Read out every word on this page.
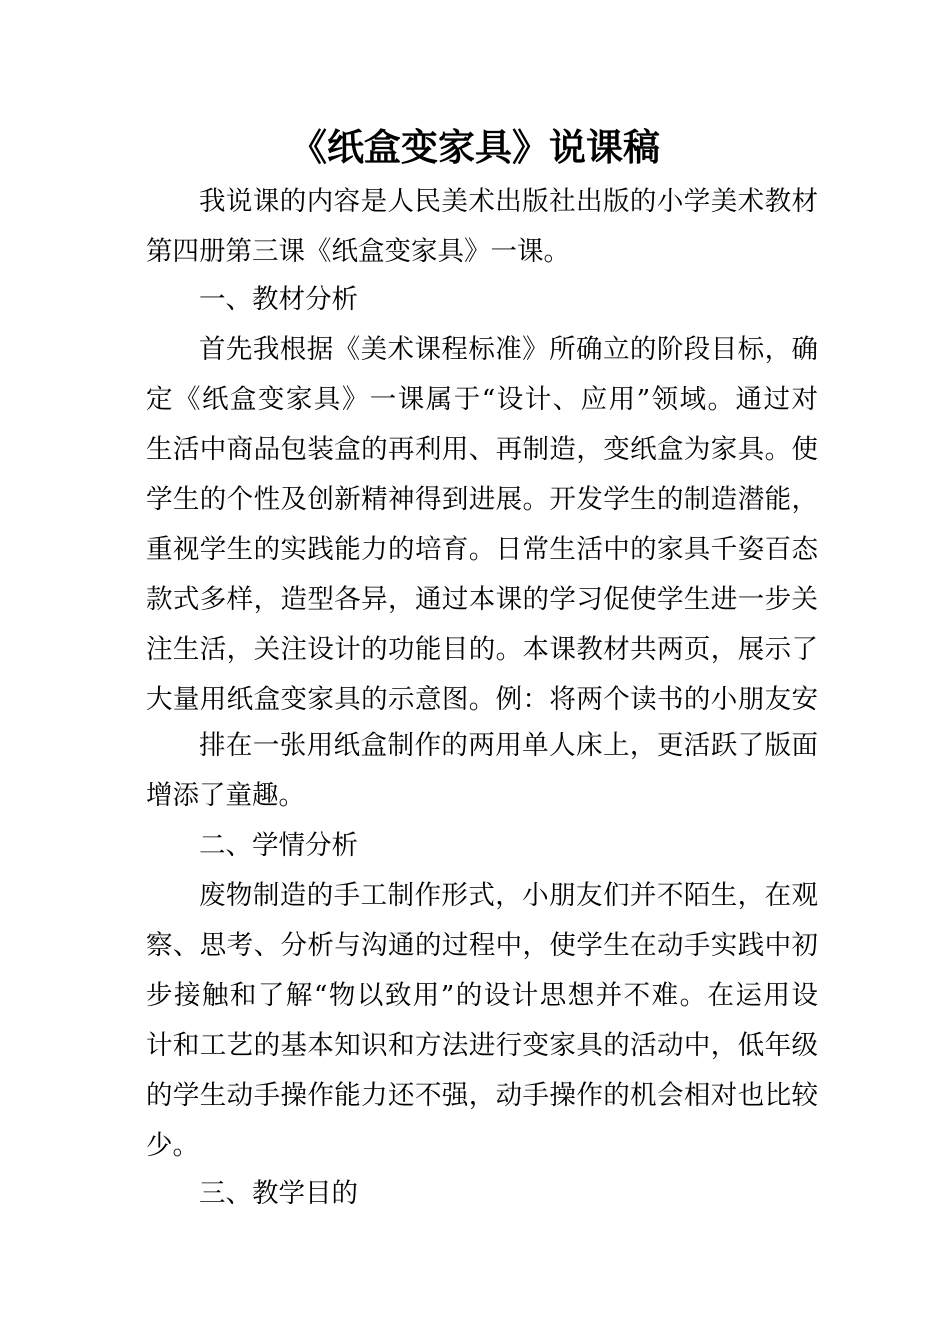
《纸盒变家具》说课稿
我说课的内容是人民美术出版社出版的小学美术教材
第四册第三课《纸盒变家具》一课。
一、教材分析
首先我根据《美术课程标准》所确立的阶段目标，确
定《纸盒变家具》一课属于“设计、应用”领域。通过对
生活中商品包装盒的再利用、再制造，变纸盒为家具。使
学生的个性及创新精神得到进展。开发学生的制造潜能，
重视学生的实践能力的培育。日常生活中的家具千姿百态
款式多样，造型各异，通过本课的学习促使学生进一步关
注生活，关注设计的功能目的。本课教材共两页，展示了
大量用纸盒变家具的示意图。例：将两个读书的小朋友安
排在一张用纸盒制作的两用单人床上，更活跃了版面
增添了童趣。
二、学情分析
废物制造的手工制作形式，小朋友们并不陌生，在观
察、思考、分析与沟通的过程中，使学生在动手实践中初
步接触和了解“物以致用”的设计思想并不难。在运用设
计和工艺的基本知识和方法进行变家具的活动中，低年级
的学生动手操作能力还不强，动手操作的机会相对也比较
少。
三、教学目的
